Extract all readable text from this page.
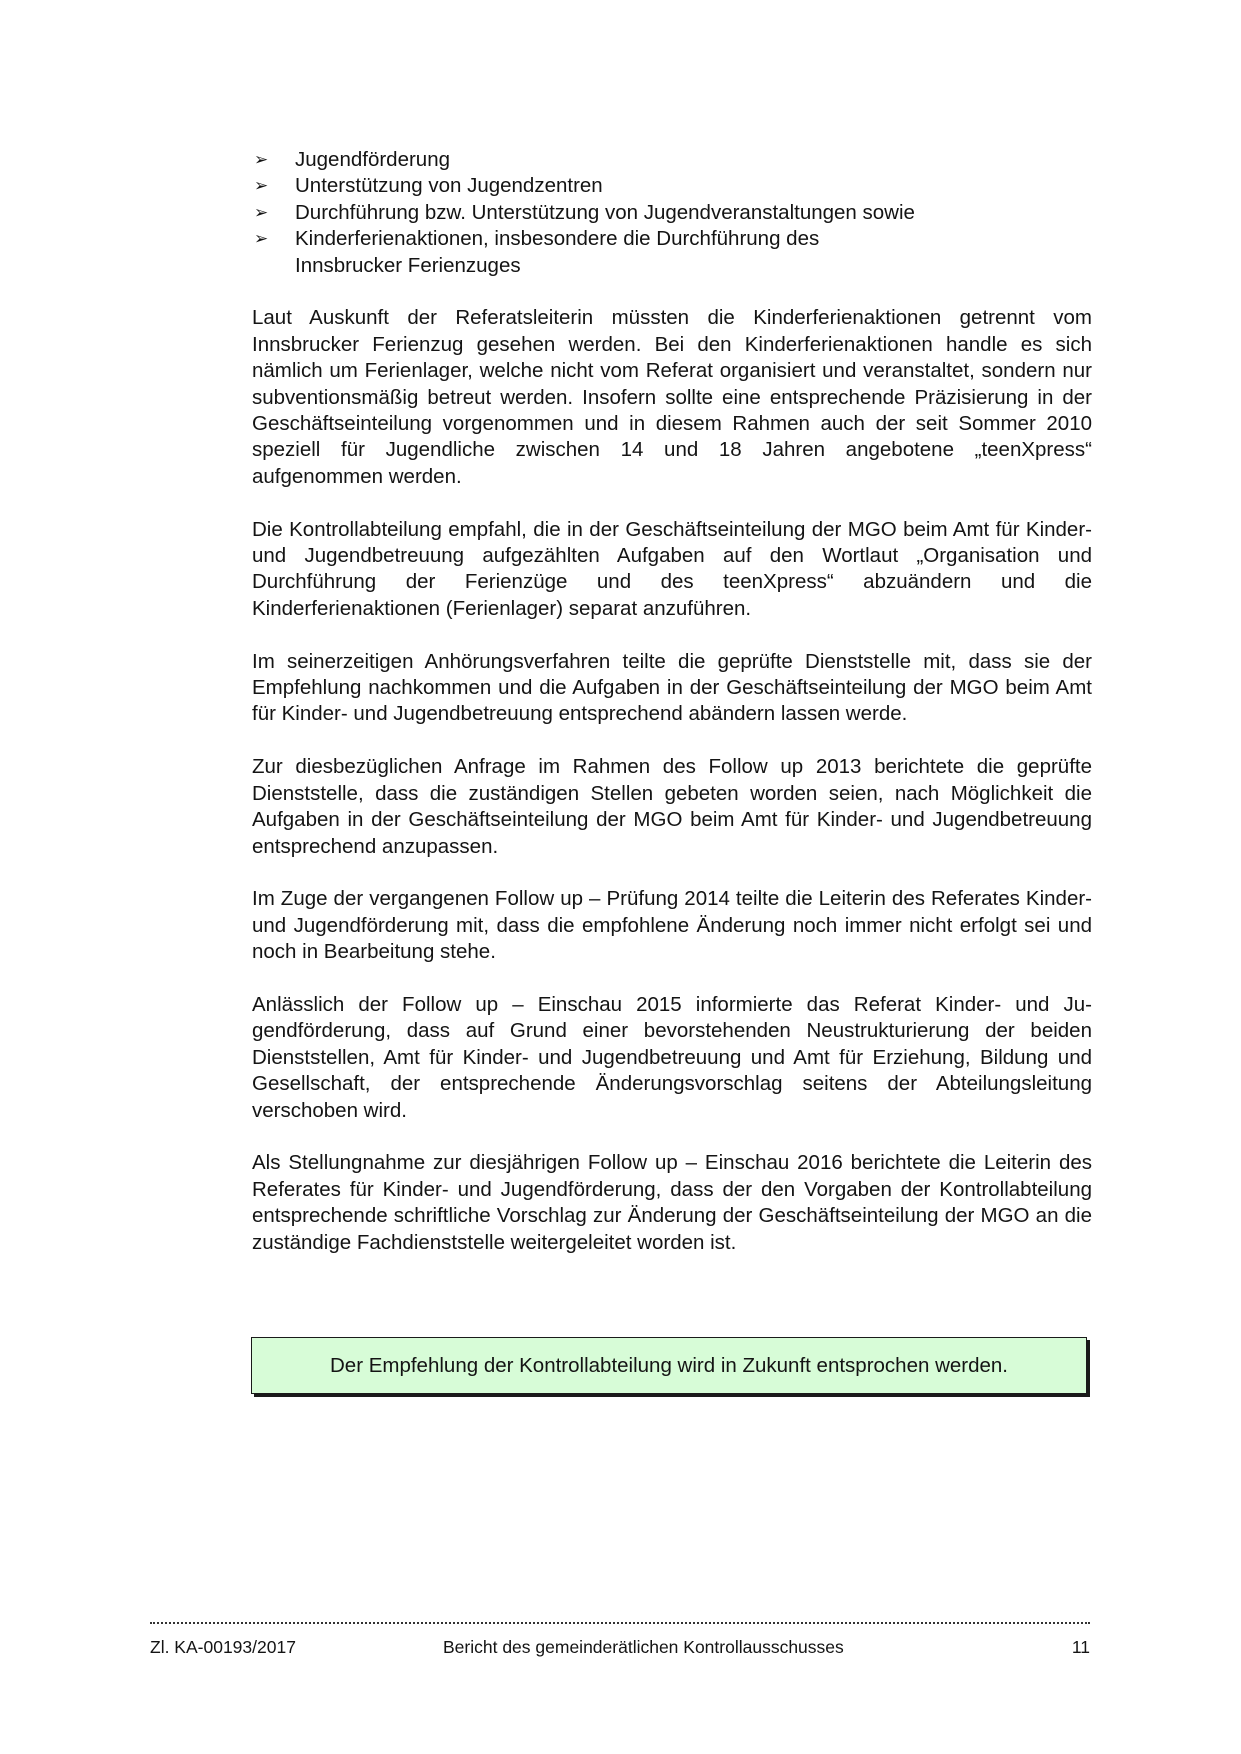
➢ Jugendförderung
➢ Unterstützung von Jugendzentren
➢ Durchführung bzw. Unterstützung von Jugendveranstaltungen sowie
➢ Kinderferienaktionen, insbesondere die Durchführung des
Innsbrucker Ferienzuges

Laut Auskunft der Referatsleiterin müssten die Kinderferienaktionen getrennt vom Innsbrucker Ferienzug gesehen werden. Bei den Kinderferienaktionen handle es sich nämlich um Ferienlager, welche nicht vom Referat organisiert und veranstaltet, sondern nur subventionsmäßig betreut werden. Insofern sollte eine entsprechende Präzisierung in der Geschäftseinteilung vorgenommen und in diesem Rahmen auch der seit Sommer 2010 speziell für Jugendliche zwischen 14 und 18 Jahren angebotene „teenXpress“ aufgenommen werden.

Die Kontrollabteilung empfahl, die in der Geschäftseinteilung der MGO beim Amt für Kinder- und Jugendbetreuung aufgezählten Aufgaben auf den Wortlaut „Organisation und Durchführung der Ferienzüge und des teenXpress“ abzuändern und die Kinderferienaktionen (Ferienlager) separat anzuführen.

Im seinerzeitigen Anhörungsverfahren teilte die geprüfte Dienststelle mit, dass sie der Empfehlung nachkommen und die Aufgaben in der Geschäftseinteilung der MGO beim Amt für Kinder- und Jugendbetreuung entsprechend abändern lassen werde.

Zur diesbezüglichen Anfrage im Rahmen des Follow up 2013 berichtete die geprüfte Dienststelle, dass die zuständigen Stellen gebeten worden seien, nach Möglichkeit die Aufgaben in der Geschäftseinteilung der MGO beim Amt für Kinder- und Jugendbetreuung entsprechend anzupassen.

Im Zuge der vergangenen Follow up – Prüfung 2014 teilte die Leiterin des Referates Kinder- und Jugendförderung mit, dass die empfohlene Änderung noch immer nicht erfolgt sei und noch in Bearbeitung stehe.

Anlässlich der Follow up – Einschau 2015 informierte das Referat Kinder- und Jugendförderung, dass auf Grund einer bevorstehenden Neustrukturierung der beiden Dienststellen, Amt für Kinder- und Jugendbetreuung und Amt für Erziehung, Bildung und Gesellschaft, der entsprechende Änderungsvorschlag seitens der Abteilungsleitung verschoben wird.

Als Stellungnahme zur diesjährigen Follow up – Einschau 2016 berichtete die Leiterin des Referates für Kinder- und Jugendförderung, dass der den Vorgaben der Kontrollabteilung entsprechende schriftliche Vorschlag zur Änderung der Geschäftseinteilung der MGO an die zuständige Fachdienststelle weitergeleitet worden ist.

Der Empfehlung der Kontrollabteilung wird in Zukunft entsprochen werden.
Zl. KA-00193/2017	Bericht des gemeinderätlichen Kontrollausschusses	11
